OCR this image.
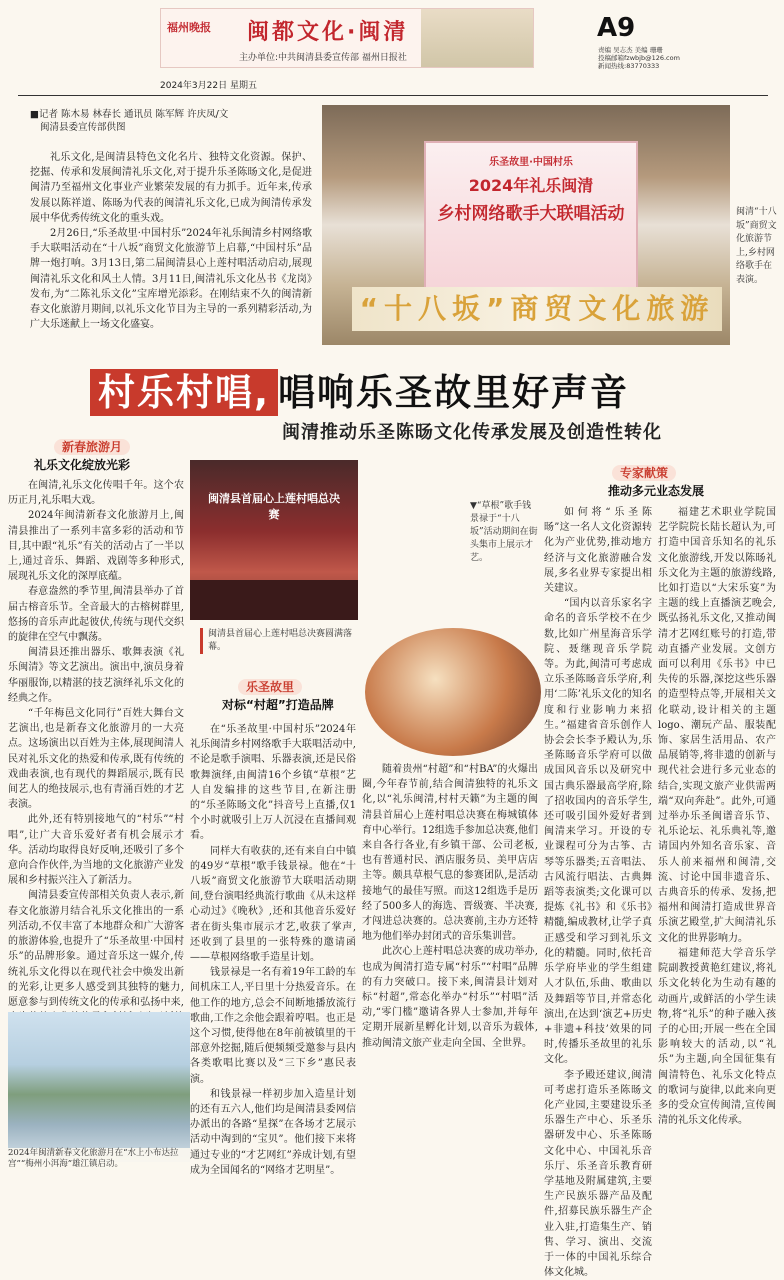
福州晚报 闽都文化·闽清
主办单位:中共闽清县委宣传部 福州日报社
2024年3月22日 星期五
A9
责编 吴志杰 美编 珊珊
投稿邮箱fzwbjb@126.com
新闻热线:83770333
■记者 陈木易 林春长 通讯员 陈军辉 许庆凤/文
闽清县委宣传部供图

礼乐文化,是闽清县特色文化名片、独特文化资源。保护、挖掘、传承和发展闽清礼乐文化,对于提升乐圣陈旸文化,是促进闽清乃至福州文化事业产业繁荣发展的有力抓手。近年来,传承发展以陈祥道、陈旸为代表的闽清礼乐文化,已成为闽清传承发展中华优秀传统文化的重头戏。

2月26日,“乐圣故里·中国村乐”2024年礼乐闽清乡村网络歌手大联唱活动在“十八坂”商贸文化旅游节上启幕,“中国村乐”品牌一炮打响。3月13日,第二届闽清县心上莲村唱活动启动,展现闽清礼乐文化和风土人情。3月11日,闽清礼乐文化丛书《龙岗》发布,为“二陈礼乐文化”宝库增光添彩。在刚结束不久的闽清新春文化旅游月期间,以礼乐文化节目为主导的一系列精彩活动,为广大乐迷献上一场文化盛宴。

乐圣故里·中国村乐
2024年礼乐闽清
乡村网络歌手大联唱活动
“十八坂”商贸文化旅游
闽清“十八坂”商贸文化旅游节上,乡村网络歌手在表演。
村乐村唱, 唱响乐圣故里好声音
闽清推动乐圣陈旸文化传承发展及创造性转化
新春旅游月
礼乐文化绽放光彩

在闽清,礼乐文化传唱千年。这个农历正月,礼乐唱大戏。

2024年闽清新春文化旅游月上,闽清县推出了一系列丰富多彩的活动和节目,其中跟“礼乐”有关的活动占了一半以上,通过音乐、舞蹈、戏剧等多种形式,展现礼乐文化的深厚底蕴。

春意盎然的季节里,闽清县举办了首届古榕音乐节。全音最大的古榕树群里,悠扬的音乐声此起彼伏,传统与现代交织的旋律在空气中飘荡。

闽清县还推出器乐、歌舞表演《礼乐闽清》等文艺演出。演出中,演员身着华丽服饰,以精湛的技艺演绎礼乐文化的经典之作。

“千年梅邑文化同行”百姓大舞台文艺演出,也是新春文化旅游月的一大亮点。这场演出以百姓为主体,展现闽清人民对礼乐文化的热爱和传承,既有传统的戏曲表演,也有现代的舞蹈展示,既有民间艺人的绝技展示,也有青涌百姓的才艺表演。

此外,还有特别接地气的“村乐”“村唱”,让广大音乐爱好者有机会展示才华。活动均取得良好反响,还吸引了多个意向合作伙伴,为当地的文化旅游产业发展和乡村振兴注入了新活力。

闽清县委宣传部相关负责人表示,新春文化旅游月结合礼乐文化推出的一系列活动,不仅丰富了本地群众和广大游客的旅游体验,也提升了“乐圣故里·中国村乐”的品牌形象。通过音乐这一媒介,传统礼乐文化得以在现代社会中焕发出新的光彩,让更多人感受到其独特的魅力,愿意参与到传统文化的传承和弘扬中来,

闽清县首届心上莲村唱总决赛
闽清县首届心上莲村唱总决赛圆满落幕。
▼“草根”歌手钱景禄于“十八坂”活动期间在街头集市上展示才艺。
乐圣故里
对标“村超”打造品牌

在“乐圣故里·中国村乐”2024年礼乐闽清乡村网络歌手大联唱活动中,不论是歌手演唱、乐器表演,还是民俗歌舞演绎,由闽清16个乡镇“草根”艺人自发编排的这些节目,在新注册的“乐圣陈旸文化”抖音号上直播,仅1个小时就吸引上万人沉浸在直播间观看。

同样大有收获的,还有来自白中镇的49岁“草根”歌手钱景禄。他在“十八坂”商贸文化旅游节大联唱活动期间,登台演唱经典流行歌曲《从未这样心动过》《晚秋》,还和其他音乐爱好者在街头集市展示才艺,收获了掌声,还收到了县里的一张特殊的邀请函——草根网络歌手造星计划。

钱景禄是一名有着19年工龄的车间机床工人,平日里十分热爱音乐。在他工作的地方,总会不间断地播放流行歌曲,工作之余他会跟着哼唱。也正是这个习惯,使得他在8年前被镇里的干部意外挖掘,随后便频频受邀参与县内各类歌唱比赛以及“三下乡”惠民表演。

和钱景禄一样初步加入造星计划的还有五六人,他们均是闽清县委网信办派出的各路“星探”在各场才艺展示活动中淘到的“宝贝”。他们接下来将通过专业的“才艺网红”养成计划,有望成为全国闻名的“网络才艺明星”。

随着贵州“村超”和“村BA”的火爆出圈,今年春节前,结合闽清独特的礼乐文化,以“礼乐闽清,村村天籁”为主题的闽清县首届心上莲村唱总决赛在梅城镇体育中心举行。12组选手参加总决赛,他们来自各行各业,有乡镇干部、公司老板,也有普通村民、酒店服务员、美甲店店主等。颇具草根气息的参赛团队,是活动接地气的最佳写照。而这12组选手是历经了500多人的海选、晋级赛、半决赛,才闯进总决赛的。总决赛前,主办方还特地为他们举办封闭式的音乐集训营。

此次心上莲村唱总决赛的成功举办,也成为闽清打造专属“村乐”“村唱”品牌的有力突破口。接下来,闽清县计划对标“村超”,常态化举办“村乐”“村唱”活动,“零门槛”邀请各界人士参加,并每年定期开展新星孵化计划,以音乐为载体,推动闽清文旅产业走向全国、全世界。

专家献策
推动多元业态发展

如何将“乐圣陈旸”这一名人文化资源转化为产业优势,推动地方经济与文化旅游融合发展,多名业界专家提出相关建议。

“国内以音乐家名字命名的音乐学校不在少数,比如广州星海音乐学院、聂继现音乐学院等。为此,闽清可考虑成立乐圣陈旸音乐学府,利用‘二陈’礼乐文化的知名度和行业影响力来招生。”福建省音乐创作人协会会长李予殿认为,乐圣陈旸音乐学府可以做成国风音乐以及研究中国古典乐器最高学府,除了招收国内的音乐学生,还可吸引国外爱好者到闽清来学习。开设的专业课程可分为古筝、古琴等乐器类;五音唱法、古风流行唱法、古典舞蹈等表演类;文化课可以提炼《礼书》和《乐书》精髓,编成教材,让学子真正感受和学习到礼乐文化的精髓。同时,依托音乐学府毕业的学生组建人才队伍,乐曲、歌曲以及舞蹈等节目,并常态化演出,在达到‘演艺+历史+非遗+科技’效果的同时,传播乐圣故里的礼乐文化。

李予殿还建议,闽清可考虑打造乐圣陈旸文化产业园,主要建设乐圣乐器生产中心、乐圣乐器研发中心、乐圣陈旸文化中心、中国礼乐音乐厅、乐圣音乐教育研学基地及附属建筑,主要生产民族乐器产品及配件,招募民族乐器生产企业入驻,打造集生产、销售、学习、演出、交流于一体的中国礼乐综合体文化城。

福建艺术职业学院国艺学院院长陆长超认为,可打造中国音乐知名的礼乐文化旅游线,开发以陈旸礼乐文化为主题的旅游线路,比如打造以“大宋乐宴”为主题的线上直播演艺晚会,既弘扬礼乐文化,又推动闽清才艺网红账号的打造,带动直播产业发展。文创方面可以利用《乐书》中已失传的乐器,深挖这些乐器的造型特点等,开展相关文化联动,设计相关的主题logo、潮玩产品、服装配饰、家居生活用品、农产品展销等,将非遗的创新与现代社会进行多元业态的结合,实现文旅产业供需两端“双向奔赴”。此外,可通过举办乐圣闽谱音乐节、礼乐论坛、礼乐典礼等,邀请国内外知名音乐家、音乐人前来福州和闽清,交流、讨论中国非遗音乐、古典音乐的传承、发扬,把福州和闽清打造成世界音乐演艺殿堂,扩大闽清礼乐文化的世界影响力。

福建师范大学音乐学院副教授黄艳红建议,将礼乐文化转化为生动有趣的动画片,或鲜活的小学生读物,将“礼乐”的种子融入孩子的心田;开展一些在全国影响较大的活动,以“礼乐”为主题,向全国征集有闽清特色、礼乐文化特点的歌词与旋律,以此来向更多的受众宣传闽清,宣传闽清的礼乐文化传承。

2024年闽清新春文化旅游月在“水上小布达拉宫”“梅州小洱海”雄江镇启动。
